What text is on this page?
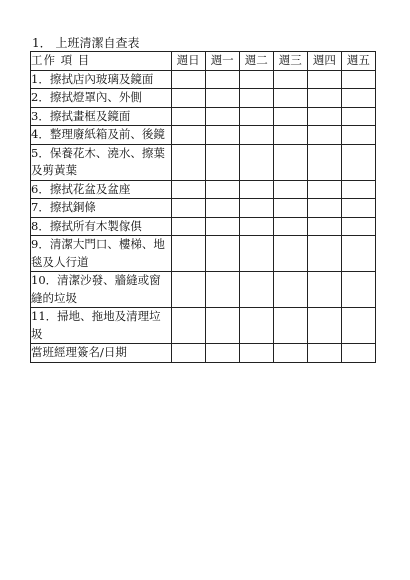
1． 上班清潔自查表
工作 項 目	週日	週一	週二	週三	週四	週五
1．擦拭店內玻璃及鏡面						
2．擦拭燈罩內、外側						
3．擦拭畫框及鏡面						
4．整理廢紙箱及前、後鏡						
5．保養花木、澆水、擦葉及剪黃葉						
6．擦拭花盆及盆座						
7．擦拭銅條						
8．擦拭所有木製傢俱						
9．清潔大門口、樓梯、地毯及人行道						
10．清潔沙發、牆縫或窗　　縫的垃圾						
11．掃地、拖地及清理垃　　圾						
當班經理簽名/日期						
